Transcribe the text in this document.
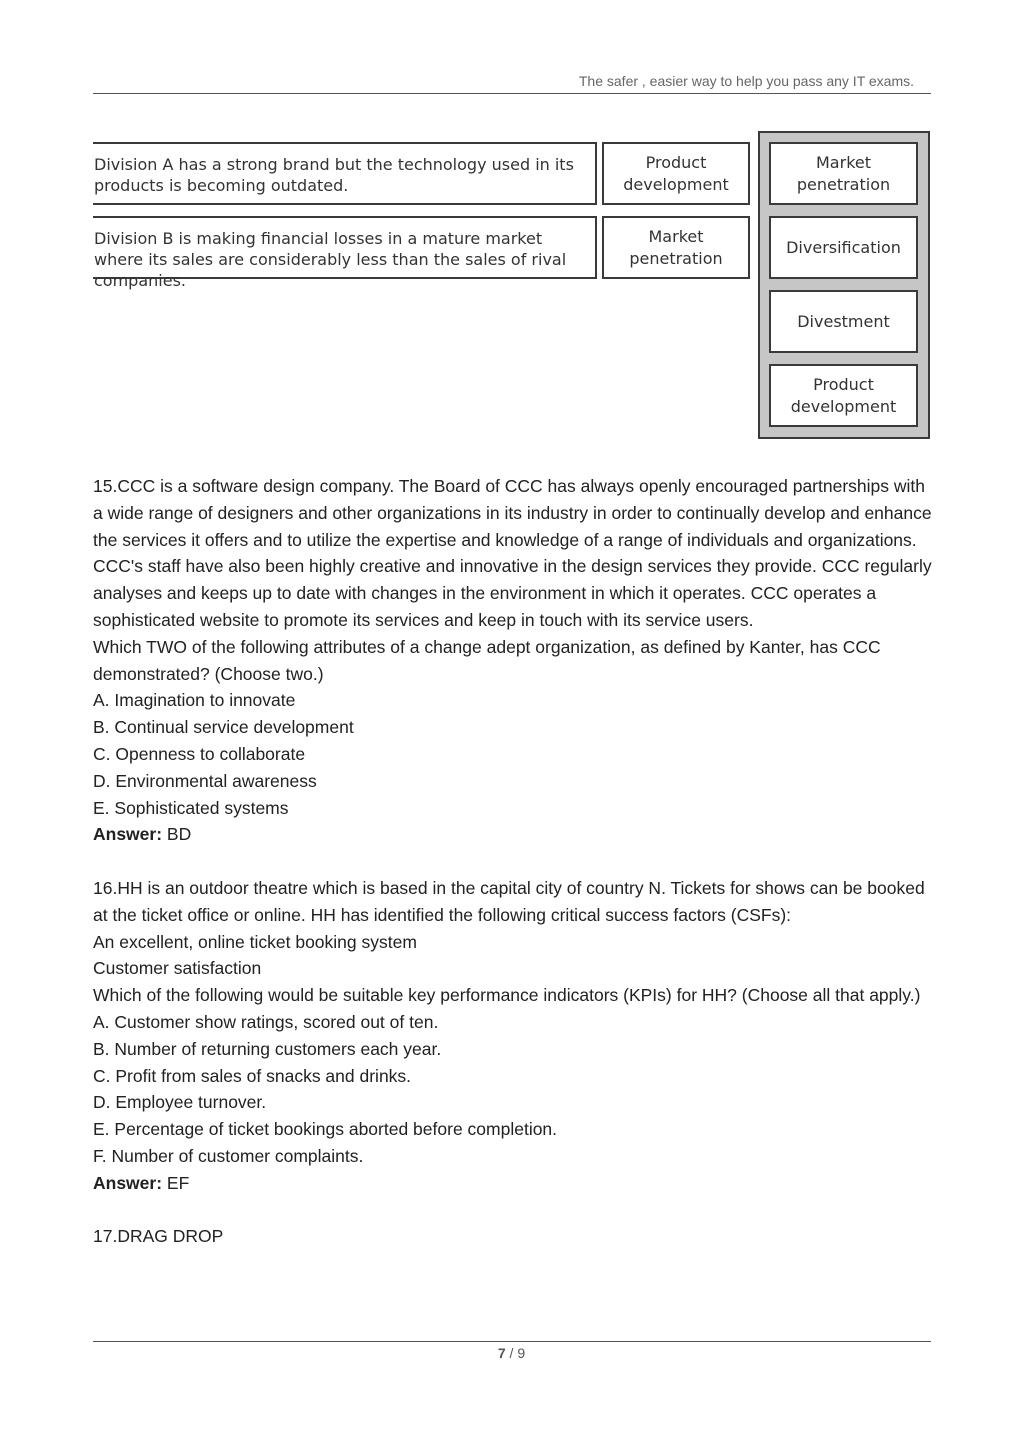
The safer , easier way to help you pass any IT exams.
Division A has a strong brand but the technology used in its products is becoming outdated.
Product development
Division B is making financial losses in a mature market where its sales are considerably less than the sales of rival companies.
Market penetration
Market penetration
Diversification
Divestment
Product development

15.CCC is a software design company. The Board of CCC has always openly encouraged partnerships with a wide range of designers and other organizations in its industry in order to continually develop and enhance the services it offers and to utilize the expertise and knowledge of a range of individuals and organizations. CCC's staff have also been highly creative and innovative in the design services they provide. CCC regularly analyses and keeps up to date with changes in the environment in which it operates. CCC operates a sophisticated website to promote its services and keep in touch with its service users.

Which TWO of the following attributes of a change adept organization, as defined by Kanter, has CCC demonstrated? (Choose two.)

A. Imagination to innovate

B. Continual service development

C. Openness to collaborate

D. Environmental awareness

E. Sophisticated systems

Answer: BD

16.HH is an outdoor theatre which is based in the capital city of country N. Tickets for shows can be booked at the ticket office or online. HH has identified the following critical success factors (CSFs):

An excellent, online ticket booking system

Customer satisfaction

Which of the following would be suitable key performance indicators (KPIs) for HH? (Choose all that apply.)

A. Customer show ratings, scored out of ten.

B. Number of returning customers each year.

C. Profit from sales of snacks and drinks.

D. Employee turnover.

E. Percentage of ticket bookings aborted before completion.

F. Number of customer complaints.

Answer: EF

17.DRAG DROP

7 / 9
